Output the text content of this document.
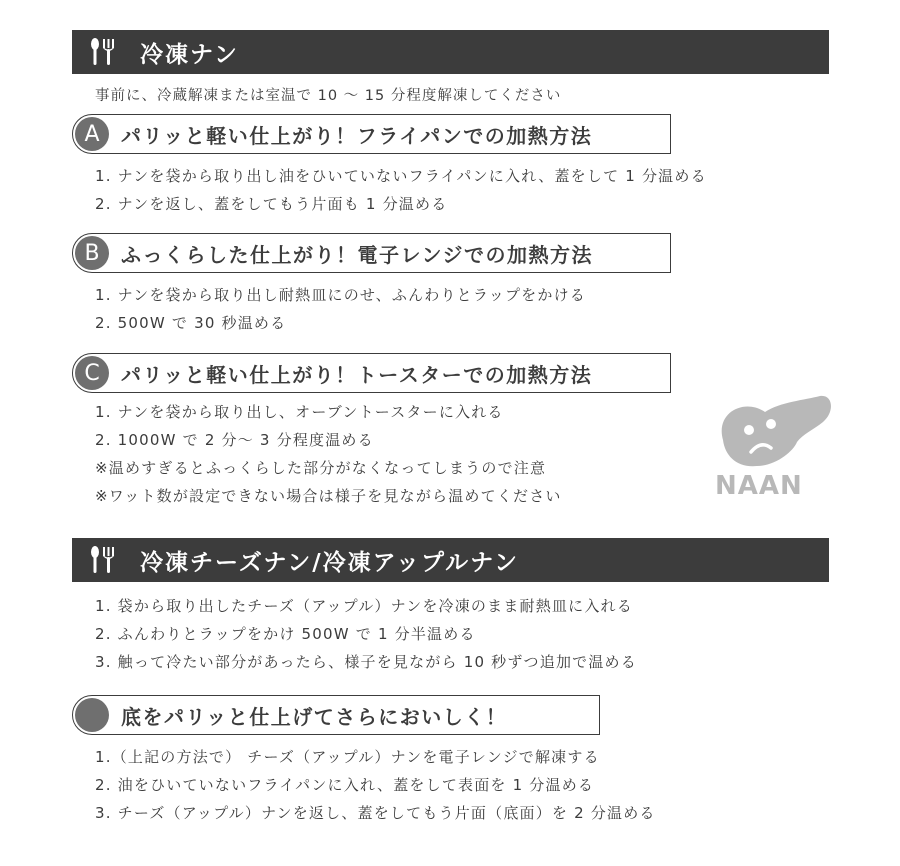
冷凍ナン

事前に、冷蔵解凍または室温で 10 ～ 15 分程度解凍してください

A	パリッと軽い仕上がり！フライパンでの加熱方法
1. ナンを袋から取り出し油をひいていないフライパンに入れ、蓋をして 1 分温める
2. ナンを返し、蓋をしてもう片面も 1 分温める
B	ふっくらした仕上がり！電子レンジでの加熱方法
1. ナンを袋から取り出し耐熱皿にのせ、ふんわりとラップをかける
2. 500W で 30 秒温める
C	パリッと軽い仕上がり！トースターでの加熱方法
1. ナンを袋から取り出し、オーブントースターに入れる
2. 1000W で 2 分～ 3 分程度温める
※温めすぎるとふっくらした部分がなくなってしまうので注意
※ワット数が設定できない場合は様子を見ながら温めてください	NAAN
冷凍チーズナン/冷凍アップルナン
1. 袋から取り出したチーズ（アップル）ナンを冷凍のまま耐熱皿に入れる
2. ふんわりとラップをかけ 500W で 1 分半温める
3. 触って冷たい部分があったら、様子を見ながら 10 秒ずつ追加で温める
底をパリッと仕上げてさらにおいしく！
1.（上記の方法で） チーズ（アップル）ナンを電子レンジで解凍する
2. 油をひいていないフライパンに入れ、蓋をして表面を 1 分温める
3. チーズ（アップル）ナンを返し、蓋をしてもう片面（底面）を 2 分温める
